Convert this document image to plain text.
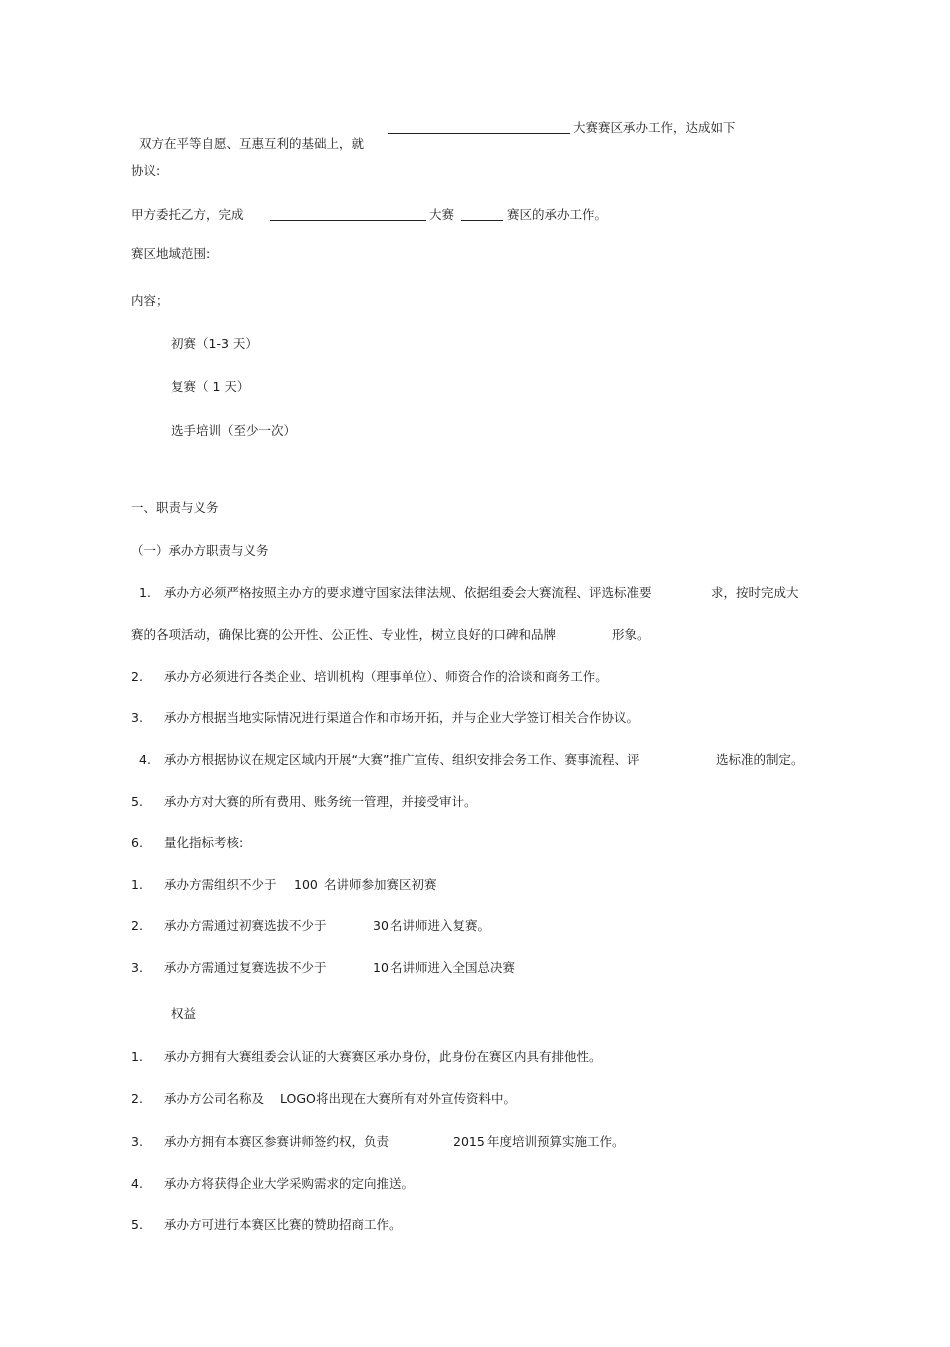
双方在平等自愿、互惠互利的基础上，就

大赛赛区承办工作，达成如下
协议:
甲方委托乙方，完成	大赛	赛区的承办工作。
赛区地域范围:
内容；
初赛（1-3 天）
复赛（ 1 天）
选手培训（至少一次）
一、职责与义务
（一）承办方职责与义务
1. 承办方必须严格按照主办方的要求遵守国家法律法规、依据组委会大赛流程、评选标准要	求，按时完成大
赛的各项活动，确保比赛的公开性、公正性、专业性，树立良好的口碑和品牌	形象。
2. 承办方必须进行各类企业、培训机构（理事单位）、师资合作的洽谈和商务工作。
3. 承办方根据当地实际情况进行渠道合作和市场开拓，并与企业大学签订相关合作协议。
4. 承办方根据协议在规定区域内开展“大赛”推广宣传、组织安排会务工作、赛事流程、评	选标准的制定。
5. 承办方对大赛的所有费用、账务统一管理，并接受审计。
6. 量化指标考核:
1. 承办方需组织不少于 100 名讲师参加赛区初赛
2. 承办方需通过初赛选拔不少于	30 名讲师进入复赛。
3. 承办方需通过复赛选拔不少于	10 名讲师进入全国总决赛
权益
1. 承办方拥有大赛组委会认证的大赛赛区承办身份，此身份在赛区内具有排他性。
2. 承办方公司名称及 LOGO 将出现在大赛所有对外宣传资料中。
3. 承办方拥有本赛区参赛讲师签约权，负责	2015 年度培训预算实施工作。
4. 承办方将获得企业大学采购需求的定向推送。
5. 承办方可进行本赛区比赛的赞助招商工作。
